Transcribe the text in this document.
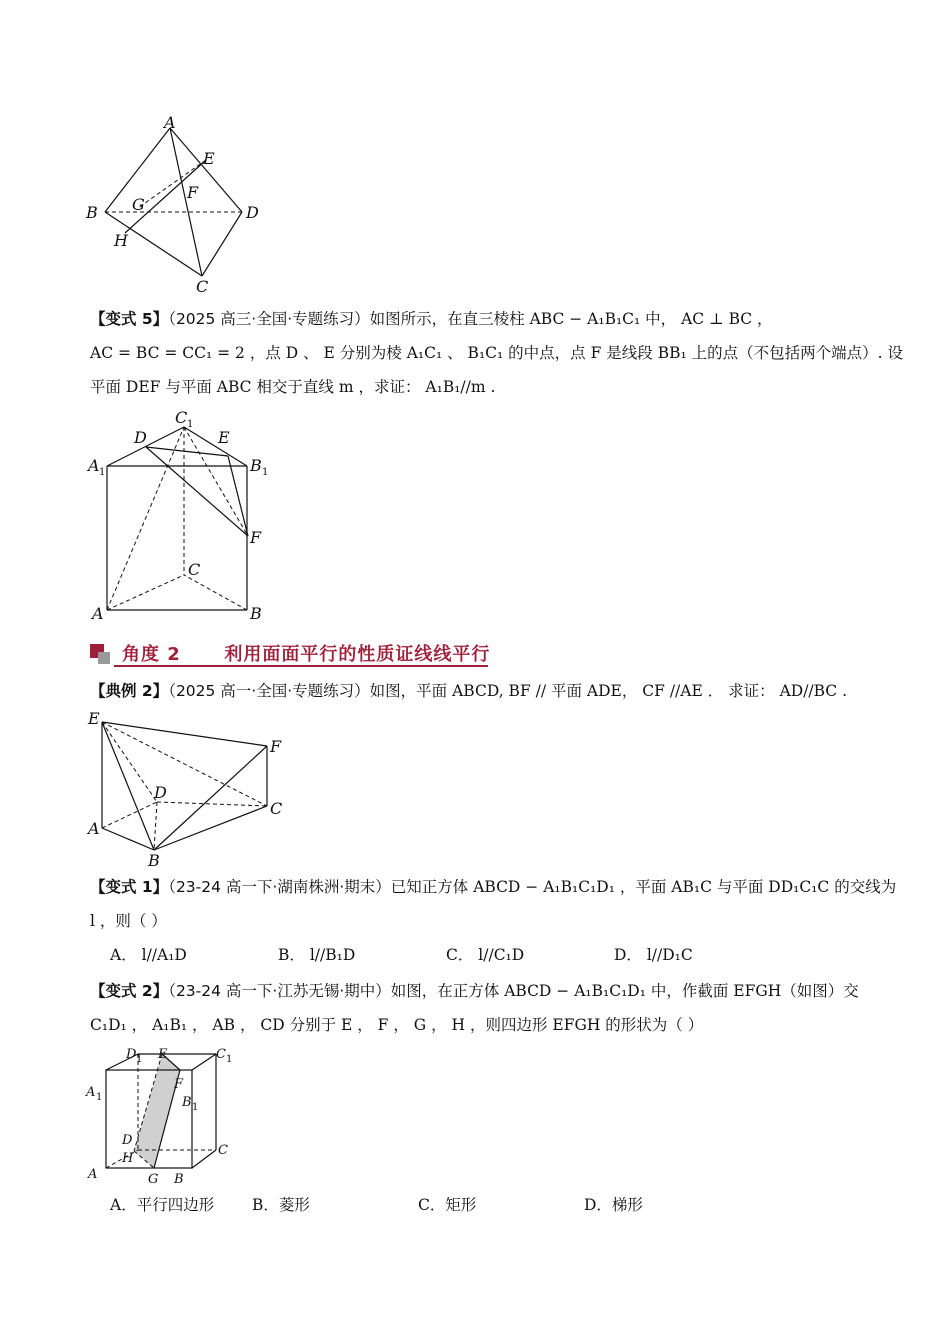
A
B	D
C
E
F
G
H
【变式 5】（2025 高三·全国·专题练习）如图所示，在直三棱柱 ABC − A₁B₁C₁ 中， AC ⊥ BC ，
AC = BC = CC₁ = 2 ，点 D 、 E 分别为棱 A₁C₁ 、 B₁C₁ 的中点，点 F 是线段 BB₁ 上的点（不包括两个端点）. 设
平面 DEF 与平面 ABC 相交于直线 m ，求证： A₁B₁//m .
C 1
D	E
A 1	B 1
F
C
A	B
角度 2      利用面面平行的性质证线线平行
【典例 2】（2025 高一·全国·专题练习）如图，平面 ABCD, BF // 平面 ADE， CF //AE ． 求证： AD//BC .
E
F
D
C
A
B
【变式 1】（23-24 高一下·湖南株洲·期末）已知正方体 ABCD − A₁B₁C₁D₁ ，平面 AB₁C 与平面 DD₁C₁C 的交线为
l ，则（ ）
A． l//A₁D	B． l//B₁D	C． l//C₁D	D． l//D₁C
【变式 2】（23-24 高一下·江苏无锡·期中）如图，在正方体 ABCD − A₁B₁C₁D₁ 中，作截面 EFGH（如图）交
C₁D₁ ， A₁B₁ ， AB ， CD 分别于 E ， F ， G ， H ，则四边形 EFGH 的形状为（ ）
D 1 E	C 1
A 1
F
B 1
D
C
H
A	G B
A．平行四边形 B．菱形	C．矩形	D．梯形
